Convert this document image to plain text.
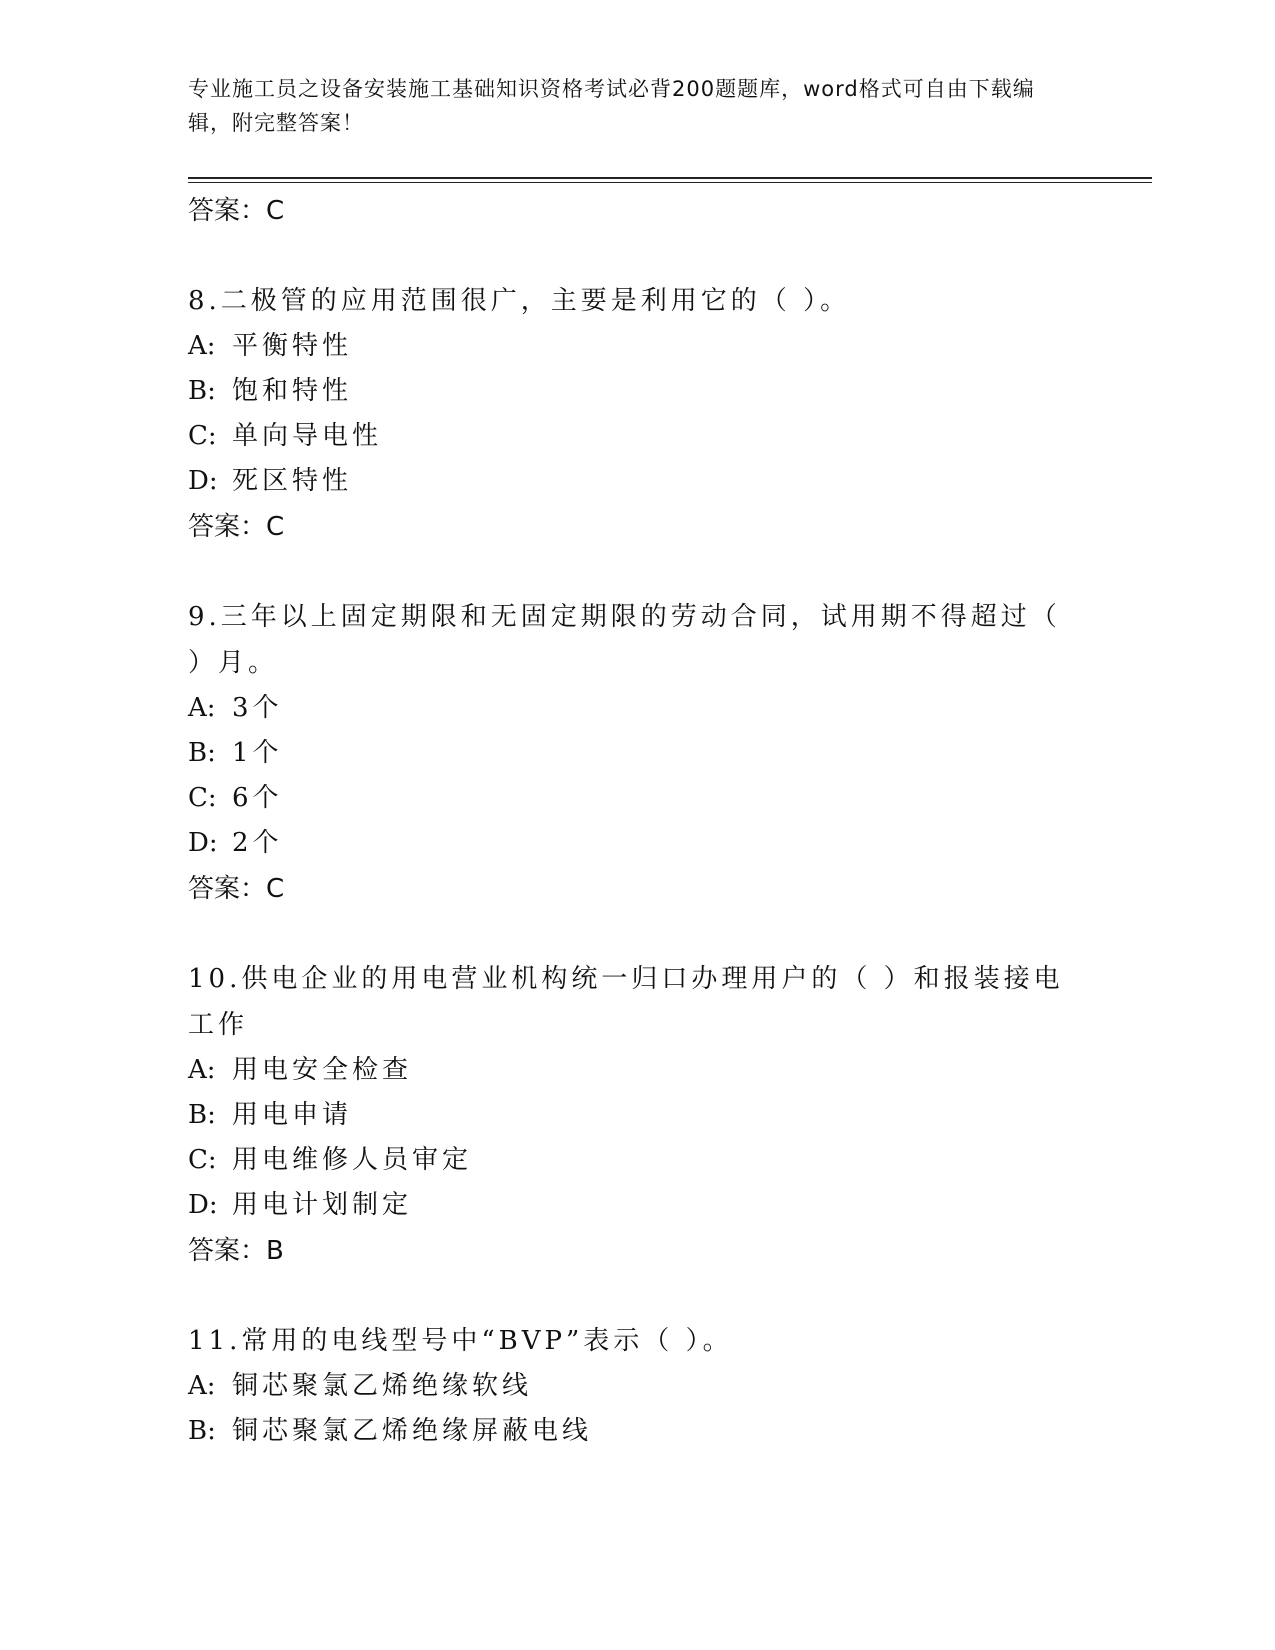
专业施工员之设备安装施工基础知识资格考试必背200题题库，word格式可自由下载编辑，附完整答案！

答案：C

8.二极管的应用范围很广，主要是利用它的（ ）。

A: 平衡特性

B: 饱和特性

C: 单向导电性

D: 死区特性

答案：C

9.三年以上固定期限和无固定期限的劳动合同，试用期不得超过（ ）月。

A: 3个

B: 1个

C: 6个

D: 2个

答案：C

10.供电企业的用电营业机构统一归口办理用户的（ ）和报装接电工作

A: 用电安全检查

B: 用电申请

C: 用电维修人员审定

D: 用电计划制定

答案：B

11.常用的电线型号中“BVP”表示（ ）。

A: 铜芯聚氯乙烯绝缘软线

B: 铜芯聚氯乙烯绝缘屏蔽电线
